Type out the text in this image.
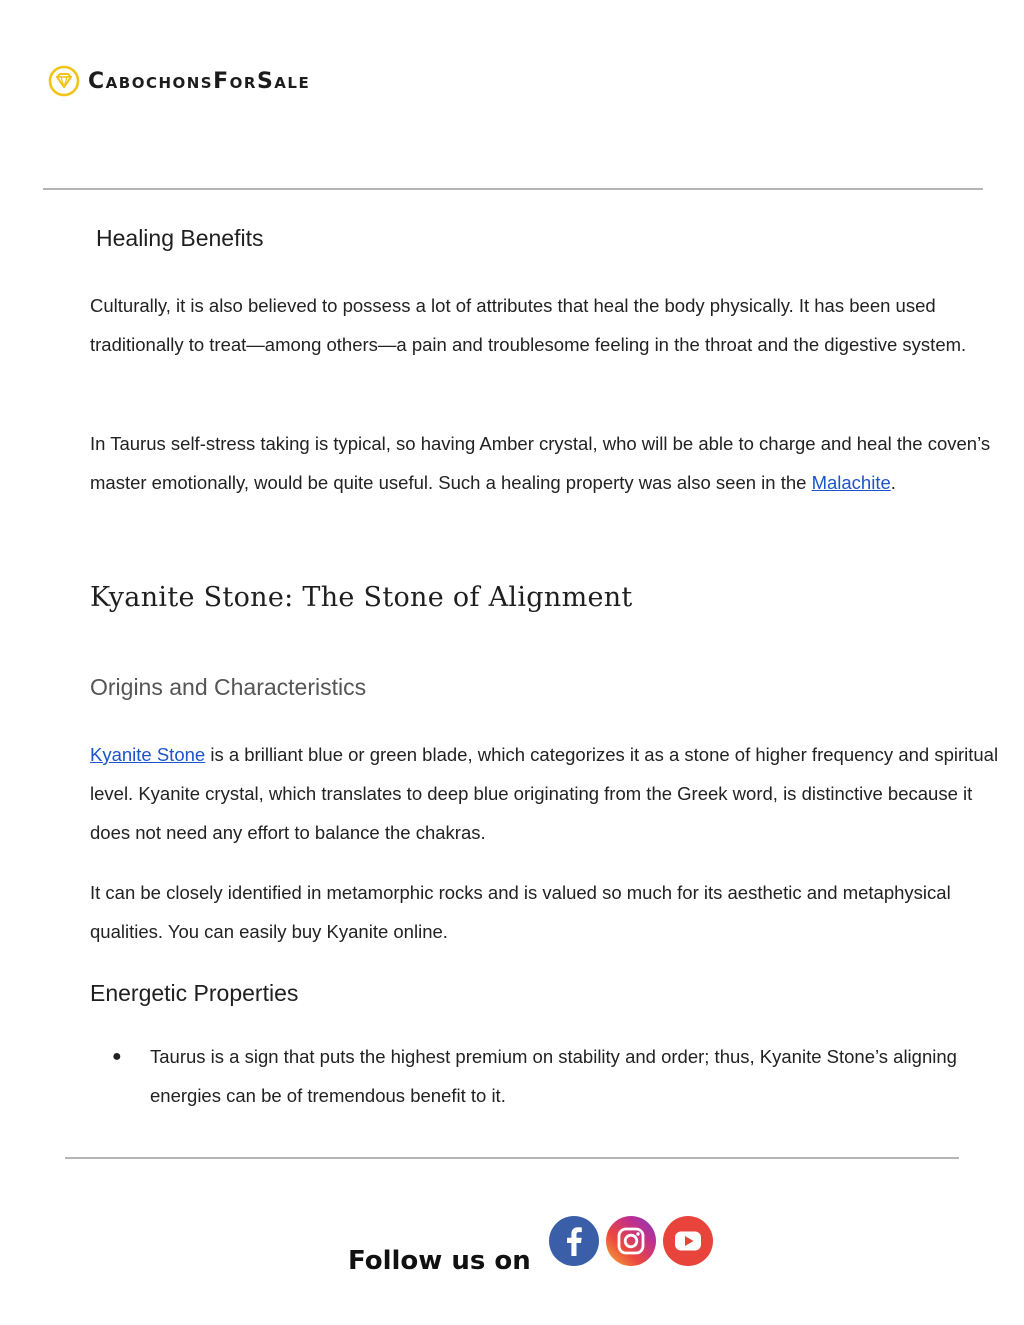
CabochonsForSale
Healing Benefits

Culturally, it is also believed to possess a lot of attributes that heal the body physically. It has been used traditionally to treat—among others—a pain and troublesome feeling in the throat and the digestive system.

In Taurus self-stress taking is typical, so having Amber crystal, who will be able to charge and heal the coven’s master emotionally, would be quite useful. Such a healing property was also seen in the Malachite.

Kyanite Stone: The Stone of Alignment
Origins and Characteristics

Kyanite Stone is a brilliant blue or green blade, which categorizes it as a stone of higher frequency and spiritual level. Kyanite crystal, which translates to deep blue originating from the Greek word, is distinctive because it does not need any effort to balance the chakras.

It can be closely identified in metamorphic rocks and is valued so much for its aesthetic and metaphysical qualities. You can easily buy Kyanite online.

Energetic Properties
● Taurus is a sign that puts the highest premium on stability and order; thus, Kyanite Stone’s aligning energies can be of tremendous benefit to it.
Follow us on
